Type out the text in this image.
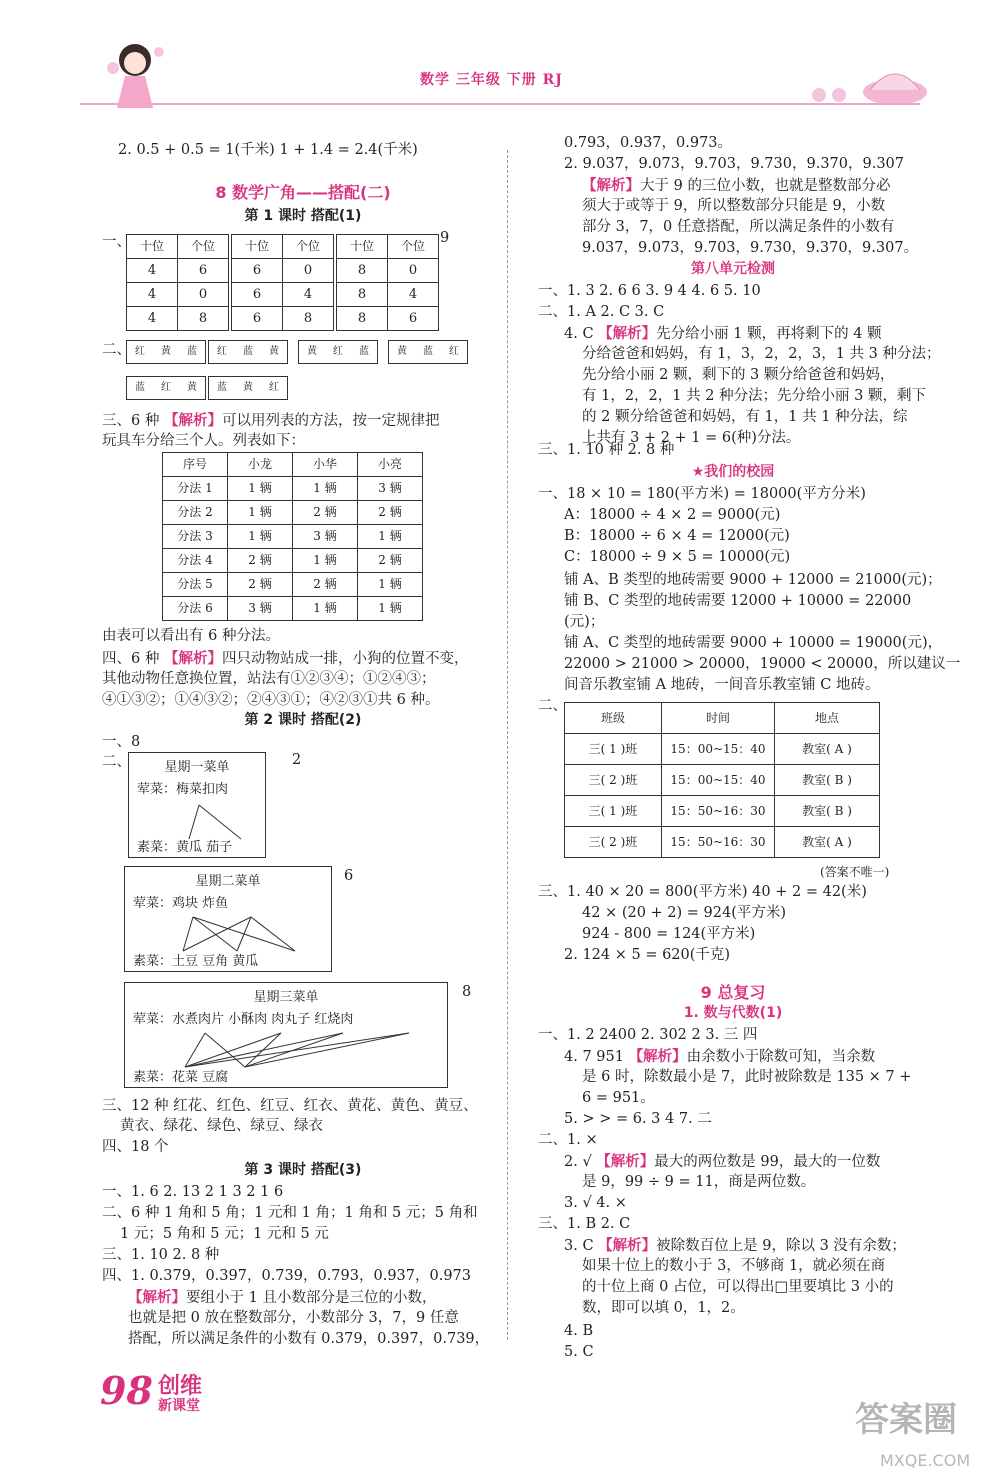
数学 三年级 下册 RJ
2. 0.5 + 0.5 = 1(千米) 1 + 1.4 = 2.4(千米)
8 数学广角——搭配(二)
第 1 课时 搭配(1)
一、	9
十位	个位
4	6
4	0
4	8
十位	个位
6	0
6	4
6	8
十位	个位
8	0
8	4
8	6
二、 红	黄	蓝	红	蓝	黄	黄	红	蓝	黄	蓝	红
蓝	红	黄	蓝	黄	红
三、6 种 【解析】可以用列表的方法，按一定规律把
玩具车分给三个人。列表如下：
序号	小龙	小华	小亮
分法 1	1 辆	1 辆	3 辆
分法 2	1 辆	2 辆	2 辆
分法 3	1 辆	3 辆	1 辆
分法 4	2 辆	1 辆	2 辆
分法 5	2 辆	2 辆	1 辆
分法 6	3 辆	1 辆	1 辆
由表可以看出有 6 种分法。
四、6 种 【解析】四只动物站成一排，小狗的位置不变，
其他动物任意换位置，站法有①②③④；①②④③；
④①③②；①④③②；②④③①；④②③①共 6 种。
第 2 课时 搭配(2)
一、8
二、	星期一菜单
荤菜：梅菜扣肉
素菜：黄瓜 茄子
2
星期二菜单
荤菜：鸡块 炸鱼
素菜：土豆 豆角 黄瓜
6
星期三菜单
荤菜：水煮肉片 小酥肉 肉丸子 红烧肉
素菜：花菜 豆腐
8
三、12 种 红花、红色、红豆、红衣、黄花、黄色、黄豆、
黄衣、绿花、绿色、绿豆、绿衣
四、18 个
第 3 课时 搭配(3)
一、1. 6 2. 13 2 1 3 2 1 6
二、6 种 1 角和 5 角；1 元和 1 角；1 角和 5 元；5 角和
1 元；5 角和 5 元；1 元和 5 元
三、1. 10 2. 8 种
四、1. 0.379，0.397，0.739，0.793，0.937，0.973
【解析】要组小于 1 且小数部分是三位的小数，
也就是把 0 放在整数部分，小数部分 3，7，9 任意
搭配，所以满足条件的小数有 0.379，0.397，0.739，
0.793，0.937，0.973。
2. 9.037，9.073，9.703，9.730，9.370，9.307
【解析】大于 9 的三位小数，也就是整数部分必
须大于或等于 9，所以整数部分只能是 9，小数
部分 3，7，0 任意搭配，所以满足条件的小数有
9.037，9.073，9.703，9.730，9.370，9.307。
第八单元检测
一、1. 3 2. 6 6 3. 9 4 4. 6 5. 10
二、1. A 2. C 3. C
4. C 【解析】先分给小丽 1 颗，再将剩下的 4 颗
分给爸爸和妈妈，有 1，3，2，2，3，1 共 3 种分法；
先分给小丽 2 颗，剩下的 3 颗分给爸爸和妈妈，
有 1，2，2，1 共 2 种分法；先分给小丽 3 颗，剩下
的 2 颗分给爸爸和妈妈，有 1，1 共 1 种分法，综
上共有 3 + 2 + 1 = 6(种)分法。
三、1. 10 种 2. 8 种
★我们的校园
一、18 × 10 = 180(平方米) = 18000(平方分米)
A：18000 ÷ 4 × 2 = 9000(元)
B：18000 ÷ 6 × 4 = 12000(元)
C：18000 ÷ 9 × 5 = 10000(元)
铺 A、B 类型的地砖需要 9000 + 12000 = 21000(元)；
铺 B、C 类型的地砖需要 12000 + 10000 = 22000
(元)；
铺 A、C 类型的地砖需要 9000 + 10000 = 19000(元)，
22000 > 21000 > 20000，19000 < 20000，所以建议一
间音乐教室铺 A 地砖，一间音乐教室铺 C 地砖。
二、
班级	时间	地点
三( 1 )班	15：00~15：40	教室( A )
三( 2 )班	15：00~15：40	教室( B )
三( 1 )班	15：50~16：30	教室( B )
三( 2 )班	15：50~16：30	教室( A )
(答案不唯一)
三、1. 40 × 20 = 800(平方米) 40 + 2 = 42(米)
42 × (20 + 2) = 924(平方米)
924 - 800 = 124(平方米)
2. 124 × 5 = 620(千克)
9 总复习
1. 数与代数(1)
一、1. 2 2400 2. 302 2 3. 三 四
4. 7 951 【解析】由余数小于除数可知，当余数
是 6 时，除数最小是 7，此时被除数是 135 × 7 +
6 = 951。
5. > > = 6. 3 4 7. 二
二、1. ×
2. √ 【解析】最大的两位数是 99，最大的一位数
是 9，99 ÷ 9 = 11，商是两位数。
3. √ 4. ×
三、1. B 2. C
3. C 【解析】被除数百位上是 9，除以 3 没有余数；
如果十位上的数小于 3，不够商 1，就必须在商
的十位上商 0 占位，可以得出□里要填比 3 小的
数，即可以填 0，1，2。
4. B
5. C
98 创维
新课堂	答案圈
MXQE.COM
